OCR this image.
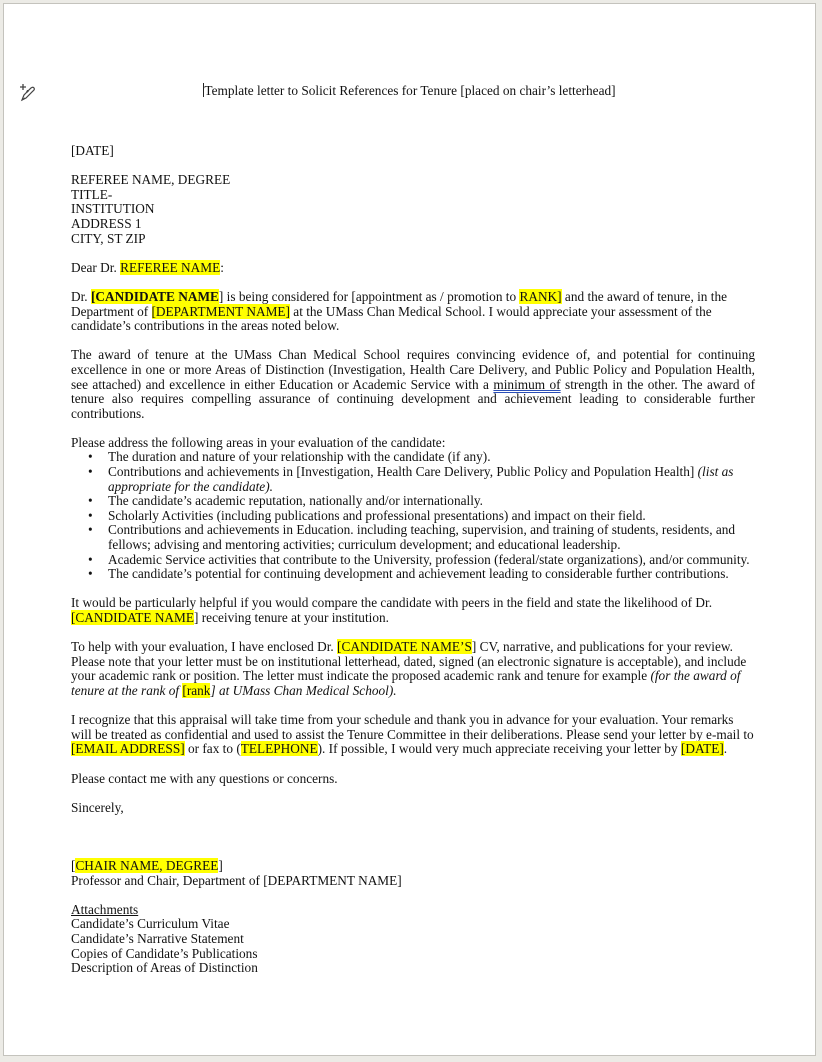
Template letter to Solicit References for Tenure [placed on chair’s letterhead]

[DATE]

REFEREE NAME, DEGREE
TITLE-
INSTITUTION
ADDRESS 1
CITY, ST ZIP

Dear Dr. REFEREE NAME:

Dr. [CANDIDATE NAME] is being considered for [appointment as / promotion to RANK] and the award of tenure, in the Department of [DEPARTMENT NAME] at the UMass Chan Medical School. I would appreciate your assessment of the candidate’s contributions in the areas noted below.

The award of tenure at the UMass Chan Medical School requires convincing evidence of, and potential for continuing excellence in one or more Areas of Distinction (Investigation, Health Care Delivery, and Public Policy and Population Health, see attached) and excellence in either Education or Academic Service with a minimum of strength in the other. The award of tenure also requires compelling assurance of continuing development and achievement leading to considerable further contributions.

Please address the following areas in your evaluation of the candidate:

• The duration and nature of your relationship with the candidate (if any).
• Contributions and achievements in [Investigation, Health Care Delivery, Public Policy and Population Health] (list as appropriate for the candidate).
• The candidate’s academic reputation, nationally and/or internationally.
• Scholarly Activities (including publications and professional presentations) and impact on their field.
• Contributions and achievements in Education. including teaching, supervision, and training of students, residents, and fellows; advising and mentoring activities; curriculum development; and educational leadership.
• Academic Service activities that contribute to the University, profession (federal/state organizations), and/or community.
• The candidate’s potential for continuing development and achievement leading to considerable further contributions.

It would be particularly helpful if you would compare the candidate with peers in the field and state the likelihood of Dr. [CANDIDATE NAME] receiving tenure at your institution.

To help with your evaluation, I have enclosed Dr. [CANDIDATE NAME’S] CV, narrative, and publications for your review. Please note that your letter must be on institutional letterhead, dated, signed (an electronic signature is acceptable), and include your academic rank or position. The letter must indicate the proposed academic rank and tenure for example (for the award of tenure at the rank of [rank] at UMass Chan Medical School).

I recognize that this appraisal will take time from your schedule and thank you in advance for your evaluation. Your remarks will be treated as confidential and used to assist the Tenure Committee in their deliberations. Please send your letter by e-mail to [EMAIL ADDRESS] or fax to (TELEPHONE). If possible, I would very much appreciate receiving your letter by [DATE].

Please contact me with any questions or concerns.

Sincerely,

[CHAIR NAME, DEGREE]

Professor and Chair, Department of [DEPARTMENT NAME]

Attachments

Candidate’s Curriculum Vitae
Candidate’s Narrative Statement
Copies of Candidate’s Publications
Description of Areas of Distinction
